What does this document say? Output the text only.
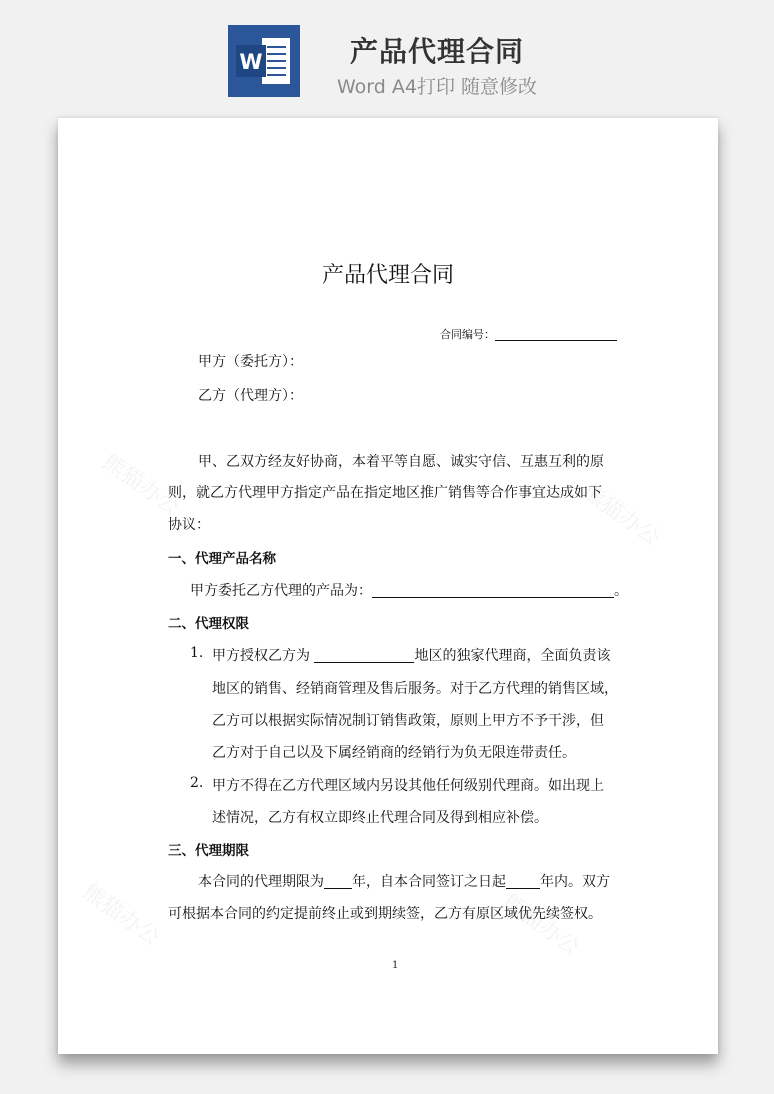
W	产品代理合同
Word A4打印 随意修改
熊猫办公	熊猫办公
熊猫办公	熊猫办公
产品代理合同
合同编号：
甲方（委托方）：
乙方（代理方）：
甲、乙双方经友好协商，本着平等自愿、诚实守信、互惠互利的原
则，就乙方代理甲方指定产品在指定地区推广销售等合作事宜达成如下
协议：
一、代理产品名称
甲方委托乙方代理的产品为：	。
二、代理权限
1. 甲方授权乙方为	地区的独家代理商，全面负责该
地区的销售、经销商管理及售后服务。对于乙方代理的销售区域，
乙方可以根据实际情况制订销售政策，原则上甲方不予干涉，但
乙方对于自己以及下属经销商的经销行为负无限连带责任。
2. 甲方不得在乙方代理区域内另设其他任何级别代理商。如出现上
述情况，乙方有权立即终止代理合同及得到相应补偿。
三、代理期限
本合同的代理期限为 年，自本合同签订之日起 年内。双方
可根据本合同的约定提前终止或到期续签，乙方有原区域优先续签权。
1
